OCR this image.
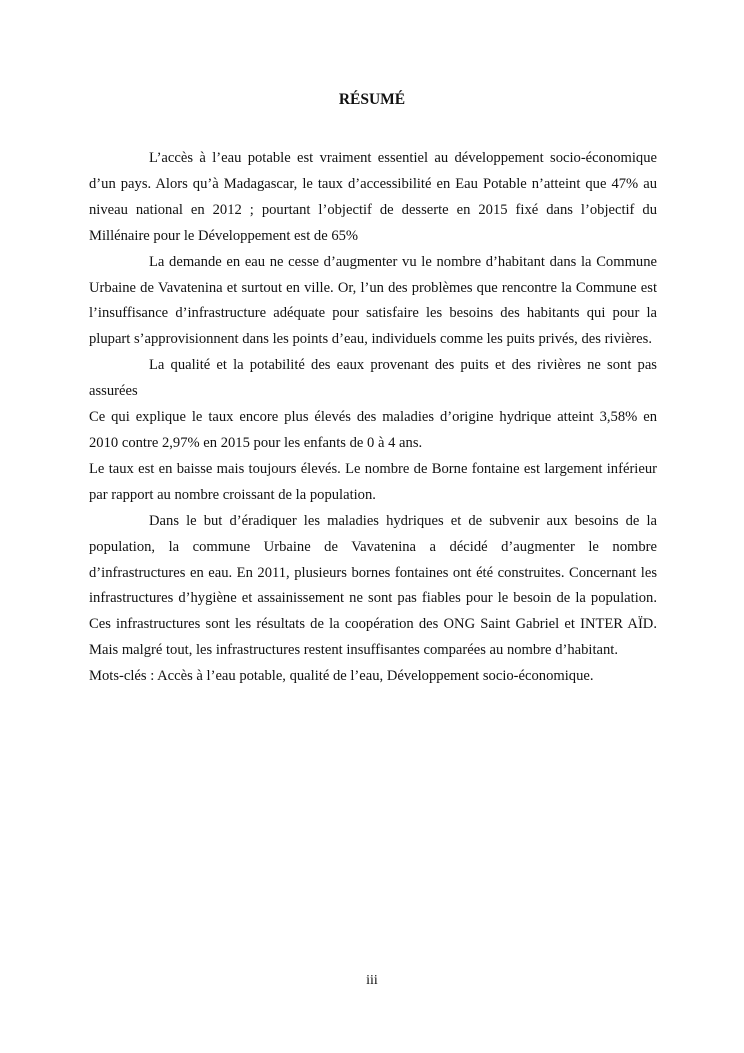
RÉSUMÉ

L’accès à l’eau potable est vraiment essentiel au développement socio-économique d’un pays. Alors qu’à Madagascar, le taux d’accessibilité en Eau Potable n’atteint que 47% au niveau national en 2012 ; pourtant l’objectif de desserte en 2015 fixé dans l’objectif du Millénaire pour le Développement est de 65%

La demande en eau ne cesse d’augmenter vu le nombre d’habitant dans la Commune Urbaine de Vavatenina et surtout en ville. Or, l’un des problèmes que rencontre la Commune est l’insuffisance d’infrastructure adéquate pour satisfaire les besoins des habitants qui pour la plupart s’approvisionnent dans les points d’eau, individuels comme les puits privés, des rivières.

La qualité et la potabilité des eaux provenant des puits et des rivières ne sont pas assurées

Ce qui explique le taux encore plus élevés des maladies d’origine hydrique atteint 3,58% en 2010 contre 2,97% en 2015 pour les enfants de 0 à 4 ans.

Le taux est en baisse mais toujours élevés. Le nombre de Borne fontaine est largement inférieur par rapport au nombre croissant de la population.

Dans le but d’éradiquer les maladies hydriques et de subvenir aux besoins de la population, la commune Urbaine de Vavatenina a décidé d’augmenter le nombre d’infrastructures en eau. En 2011, plusieurs bornes fontaines ont été construites. Concernant les infrastructures d’hygiène et assainissement ne sont pas fiables pour le besoin de la population. Ces infrastructures sont les résultats de la coopération des ONG Saint Gabriel et INTER AÏD. Mais malgré tout, les infrastructures restent insuffisantes comparées au nombre d’habitant.

Mots-clés : Accès à l’eau potable, qualité de l’eau, Développement socio-économique.

iii
